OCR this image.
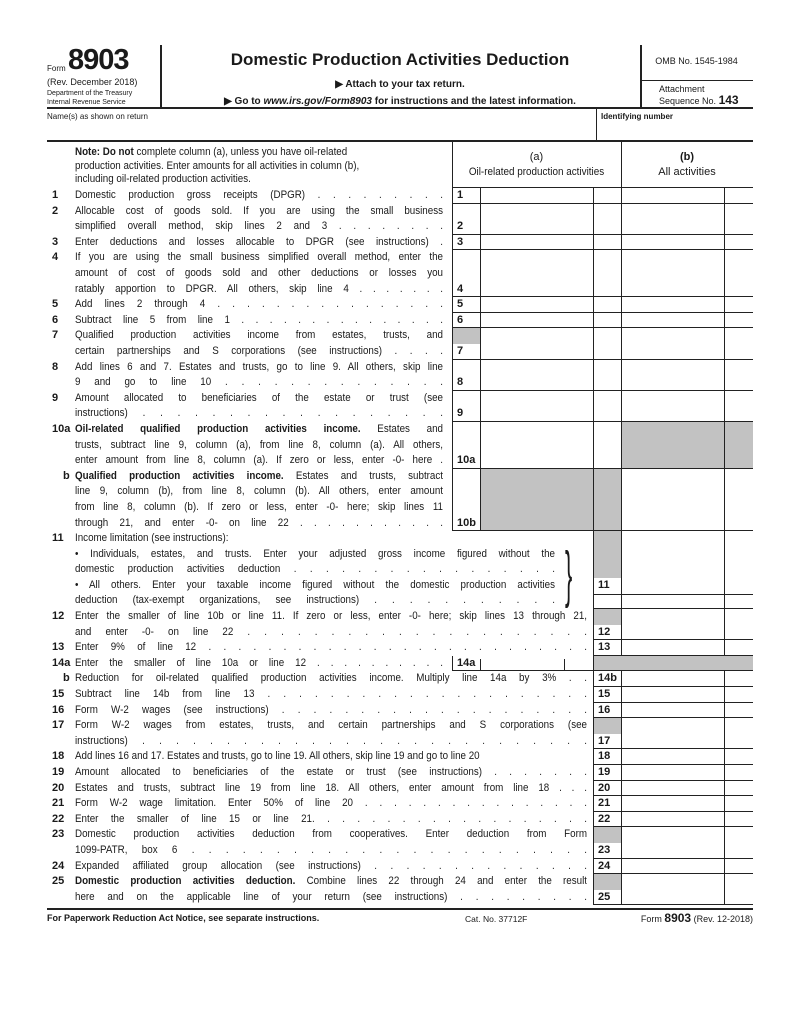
Form 8903
(Rev. December 2018)
Department of the Treasury
Internal Revenue Service
Domestic Production Activities Deduction
▶ Attach to your tax return.
▶ Go to www.irs.gov/Form8903 for instructions and the latest information.
OMB No. 1545-1984
Attachment
Sequence No. 143
Name(s) as shown on return	Identifying number
Note: Do not complete column (a), unless you have oil-related
production activities. Enter amounts for all activities in column (b),
including oil-related production activities.
(a)
Oil-related production activities
(b)
All activities
1 Domestic production gross receipts (DPGR) . . . . . . . . .	1
2 Allocable cost of goods sold. If you are using the small business
simplified overall method, skip lines 2 and 3 . . . . . . . .	2
3 Enter deductions and losses allocable to DPGR (see instructions) .	3
4 If you are using the small business simplified overall method, enter the
amount of cost of goods sold and other deductions or losses you
ratably apportion to DPGR. All others, skip line 4 . . . . . . .	4
5 Add lines 2 through 4 . . . . . . . . . . . . . . . .	5
6 Subtract line 5 from line 1 . . . . . . . . . . . . . . .	6
7 Qualified production activities income from estates, trusts, and
certain partnerships and S corporations (see instructions) . . . .	7
8 Add lines 6 and 7. Estates and trusts, go to line 9. All others, skip line
9 and go to line 10 . . . . . . . . . . . . . .	8
9 Amount allocated to beneficiaries of the estate or trust (see
instructions) . . . . . . . . . . . . . . . . . .	9
10a Oil-related qualified production activities income. Estates and
trusts, subtract line 9, column (a), from line 8, column (a). All others,
enter amount from line 8, column (a). If zero or less, enter -0- here .	10a
b Qualified production activities income. Estates and trusts, subtract
line 9, column (b), from line 8, column (b). All others, enter amount
from line 8, column (b). If zero or less, enter -0- here; skip lines 11
through 21, and enter -0- on line 22 . . . . . . . . . . .	10b
11 Income limitation (see instructions):
• Individuals, estates, and trusts. Enter your adjusted gross income figured without the
domestic production activities deduction . . . . . . . . . . . . . . . . .
• All others. Enter your taxable income figured without the domestic production activities
deduction (tax-exempt organizations, see instructions) . . . . . . . . . . .
11
}
12 Enter the smaller of line 10b or line 11. If zero or less, enter -0- here; skip lines 13 through 21,
and enter -0- on line 22 . . . . . . . . . . . . . . . . . . . . .	12
13 Enter 9% of line 12 . . . . . . . . . . . . . . . . . . . . . . . . . .	13
14a Enter the smaller of line 10a or line 12 . . . . . . . . . .	14a
b Reduction for oil-related qualified production activities income. Multiply line 14a by 3% . .	14b
15 Subtract line 14b from line 13 . . . . . . . . . . . . . . . . . . . . .	15
16 Form W-2 wages (see instructions) . . . . . . . . . . . . . . . . . . . .	16
17 Form W-2 wages from estates, trusts, and certain partnerships and S corporations (see
instructions) . . . . . . . . . . . . . . . . . . . . . . . . . . .	17
18 Add lines 16 and 17. Estates and trusts, go to line 19. All others, skip line 19 and go to line 20	18
19 Amount allocated to beneficiaries of the estate or trust (see instructions) . . . . . . .	19
20 Estates and trusts, subtract line 19 from line 18. All others, enter amount from line 18 . . .	20
21 Form W-2 wage limitation. Enter 50% of line 20 . . . . . . . . . . . . . . . .	21
22 Enter the smaller of line 15 or line 21. . . . . . . . . . . . . . . . . . .	22
23 Domestic production activities deduction from cooperatives. Enter deduction from Form
1099-PATR, box 6 . . . . . . . . . . . . . . . . . . . . . . . .	23
24 Expanded affiliated group allocation (see instructions) . . . . . . . . . . . . . .	24
25 Domestic production activities deduction. Combine lines 22 through 24 and enter the result
here and on the applicable line of your return (see instructions) . . . . . . . . .	25
For Paperwork Reduction Act Notice, see separate instructions.	Cat. No. 37712F	Form 8903 (Rev. 12-2018)
